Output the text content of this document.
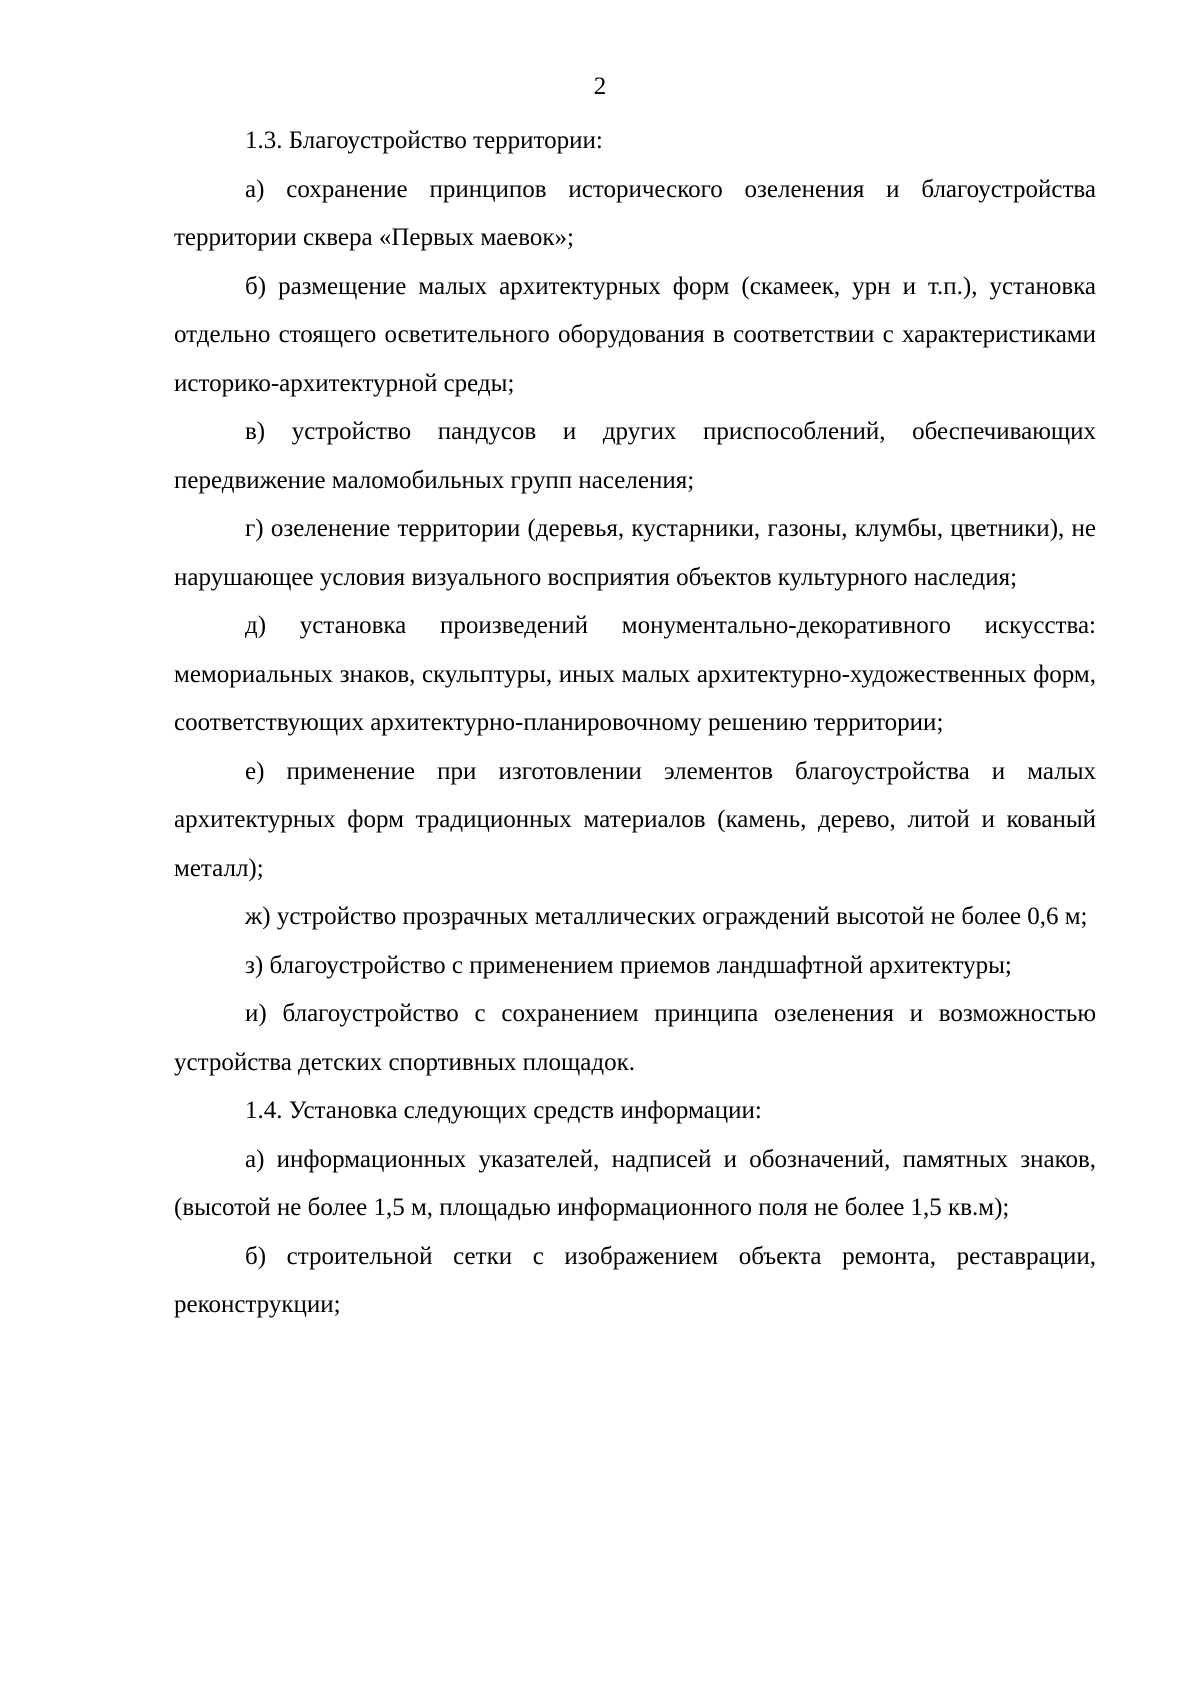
2

1.3. Благоустройство территории:

а) сохранение принципов исторического озеленения и благоустройства территории сквера «Первых маевок»;

б) размещение малых архитектурных форм (скамеек, урн и т.п.), установка отдельно стоящего осветительного оборудования в соответствии с характеристиками историко-архитектурной среды;

в) устройство пандусов и других приспособлений, обеспечивающих передвижение маломобильных групп населения;

г) озеленение территории (деревья, кустарники, газоны, клумбы, цветники), не нарушающее условия визуального восприятия объектов культурного наследия;

д) установка произведений монументально-декоративного искусства: мемориальных знаков, скульптуры, иных малых архитектурно-художественных форм, соответствующих архитектурно-планировочному решению территории;

е) применение при изготовлении элементов благоустройства и малых архитектурных форм традиционных материалов (камень, дерево, литой и кованый металл);

ж) устройство прозрачных металлических ограждений высотой не более 0,6 м;

з) благоустройство с применением приемов ландшафтной архитектуры;

и) благоустройство с сохранением принципа озеленения и возможностью устройства детских спортивных площадок.

1.4. Установка следующих средств информации:

а) информационных указателей, надписей и обозначений, памятных знаков, (высотой не более 1,5 м, площадью информационного поля не более 1,5 кв.м);

б) строительной сетки с изображением объекта ремонта, реставрации, реконструкции;
